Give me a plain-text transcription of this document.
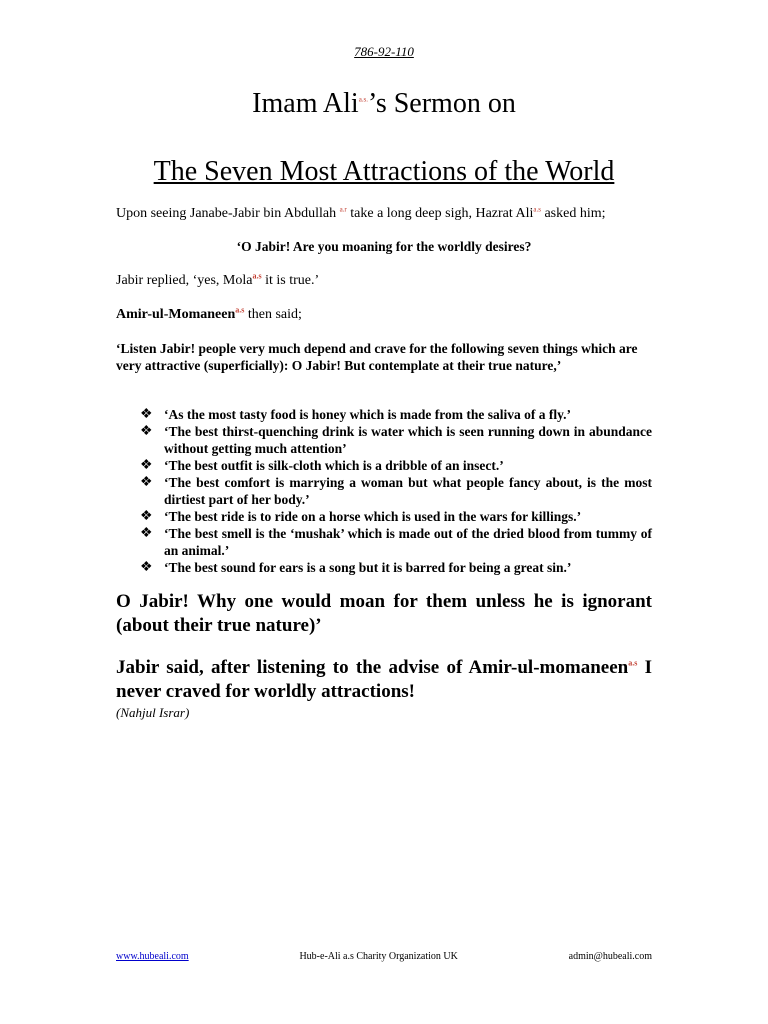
786-92-110
Imam Ali$^{a.s.}$’s Sermon on
The Seven Most Attractions of the World
Upon seeing Janabe-Jabir bin Abdullah $^{a.r}$ take a long deep sigh, Hazrat Ali$^{a.s}$ asked him;
‘O Jabir! Are you moaning for the worldly desires?
Jabir replied, ‘yes, Mola$^{a.s}$ it is true.’
Amir-ul-Momaneen$^{a.s}$ then said;
‘Listen Jabir! people very much depend and crave for the following seven things which are very attractive (superficially): O Jabir! But contemplate at their true nature,’
❖ ‘As the most tasty food is honey which is made from the saliva of a fly.’
❖ ‘The best thirst-quenching drink is water which is seen running down in abundance without getting much attention’
❖ ‘The best outfit is silk-cloth which is a dribble of an insect.’
❖ ‘The best comfort is marrying a woman but what people fancy about, is the most dirtiest part of her body.’
❖ ‘The best ride is to ride on a horse which is used in the wars for killings.’
❖ ‘The best smell is the ‘mushak’ which is made out of the dried blood from tummy of an animal.’
❖ ‘The best sound for ears is a song but it is barred for being a great sin.’
O Jabir! Why one would moan for them unless he is ignorant (about their true nature)’
Jabir said, after listening to the advise of Amir-ul-momaneen$^{a.s}$ I never craved for worldly attractions!
(Nahjul Israr)
www.hubeali.com	Hub-e-Ali a.s Charity Organization UK	admin@hubeali.com
